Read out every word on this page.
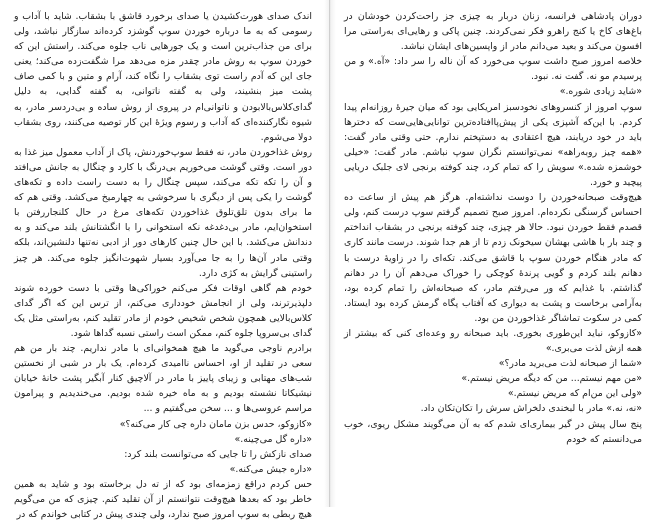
اندک صدای هورت‌کشیدن یا صدای برخورد قاشق با بشقاب. شاید با آداب و رسومی که به ما درباره خوردن سوپ گوشزد کرده‌اند سازگار نباشد، ولی برای من جذاب‌ترین است و یک جورهایی ناب جلوه می‌کند. راستش این که خوردن سوپ به روش مادر چقدر مزه می‌دهد مرا شگفت‌زده می‌کند؛ یعنی جای این که آدم راست توی بشقاب را نگاه کند، آرام و متین و با کمی صاف پشت میز بنشیند، ولی به گفته ناتوانی، به گفته گدایی، به دلیل گدای‌کلاس‌بالابودن و ناتوانی‌ام در پیروی از روش ساده و بی‌دردسر مادر، به شیوه نگارکننده‌ای که آداب و رسوم ویژهٔ این کار توصیه می‌کنند، روی بشقاب دولا می‌شوم.

روش غذاخوردن مادر، نه فقط سوپ‌خوردنش، پاک از آداب معمول میز غذا به دور است. وقتی گوشت می‌خوریم بی‌درنگ با کارد و چنگال به جانش می‌افتد و آن را تکه تکه می‌کند، سپس چنگال را به دست راست داده و تکه‌های گوشت را یکی پس از دیگری با سرخوشی به چهارمیخ می‌کشد. وقتی هم که ما برای بدون تلق‌تلوق غذاخوردن تکه‌های مرغ در حال کلنجاررفتن با استخوان‌ایم، مادر بی‌دغدغه نکه استخوانی را با انگشتانش بلند می‌کند و به دندانش می‌کشد. با این حال چنین کارهای دور از ادبی نه‌تنها دلنشین‌اند، بلکه وقتی مادر آن‌ها را به جا می‌آورد بسیار شهوت‌انگیز جلوه می‌کند. هر چیز راستینی گرایش به کژی دارد.

خودم هم گاهی اوقات فکر می‌کنم خوراکی‌ها وقتی با دست خورده شوند دلپذیرترند، ولی از انجامش خودداری می‌کنم، از ترس این که اگر گدای کلاس‌بالایی همچون شخص شخیص خودم از مادر تقلید کنم، به‌راستی مثل یک گدای بی‌سروپا جلوه کنم، ممکن است راستی نسبه گدا‌ها شود.

برادرم ناوجی می‌گوید ما هیچ همخوانی‌ای با مادر نداریم. چند بار من هم سعی در تقلید از او، احساس ناامیدی کرده‌ام. یک بار در شبی از نخستین شب‌های مهتابی و زیبای پاییز با مادر در آلاچیق کنار آبگیر پشت خانهٔ خیابان نیشیکاتا نشسته بودیم و به ماه خیره شده بودیم. می‌خندیدیم و پیرامون مراسم عروسی‌ها و ... سخن می‌گفتیم و ...

«کازوکو، حدس بزن مامان داره چی کار می‌کنه؟»
«داره گل می‌چینه.»
صدای نازکش را تا جایی که می‌توانست بلند کرد:
«داره جیش می‌کنه.»

حس کردم دراقع زمزمه‌ای بود که از ته دل برخاسته بود و شاید به همین خاطر بود که بعدها هیچ‌وقت نتوانستم از آن تقلید کنم. چیزی که من می‌گویم هیچ ربطی به سوپ امروز صبح ندارد، ولی چندی پیش در کتابی خواندم که در

دوران پادشاهی فرانسه، زنان دربار به چیزی جز راحت‌کردن خودشان در باغ‌های کاخ یا کنج راهرو فکر نمی‌کردند. چنین پاکی و رهایی‌ای به‌راستی مرا افسون می‌کند و بعید می‌دانم مادر از واپسین‌های ایشان نباشد.

خلاصه امروز صبح داشت سوپ می‌خورد که آن ناله را سر داد: «آه.» و من پرسیدم مو نه. گفت نه. نبود.

«شاید زیادی شوره.»

سوپ امروز از کنسروهای نخودسبز امریکایی بود که میان جیرهٔ روزانه‌ام پیدا کردم. با این‌که آشپزی یکی از پیش‌پاافتاده‌ترین توانایی‌هایی‌ست که دخترها باید در خود دریابند، هیچ اعتقادی به دستپختم ندارم. حتی وقتی مادر گفت: «همه چیز روبه‌راهه» نمی‌توانستم نگران سوپ نباشم. مادر گفت: «خیلی خوشمزه شده.» سوپش را که تمام کرد، چند کوفته برنجی لای جلبک دریایی پیچید و خورد.

هیچ‌وقت صبحانه‌خوردن را دوست نداشته‌ام. هرگز هم پیش از ساعت ده احساس گرسنگی نکرده‌ام. امروز صبح تصمیم گرفتم سوپ درست کنم، ولی قصدم فقط خوردن نبود. حالا هر چیزی، چند کوفته برنجی در بشقاب انداختم و چند بار با هاشی بهشان سیخونک زدم تا از هم جدا شوند. درست مانند کاری که مادر هنگام خوردن سوپ با قاشق می‌کند. تکه‌ای را در زاویهٔ درست با دهانم بلند کردم و گویی پرندهٔ کوچکی را خوراک می‌دهم آن را در دهانم گذاشتم. با غذایم که ور می‌رفتم مادر، که صبحانه‌اش را تمام کرده بود، به‌آرامی برخاست و پشت به دیواری که آفتاب پگاه گرمش کرده بود ایستاد. کمی در سکوت تماشاگر غذاخوردن من بود.

«کازوکو، نباید این‌طوری بخوری. باید صبحانه رو وعده‌ای کنی که بیشتر از همه ازش لذت می‌بری.»
«شما از صبحانه لذت می‌برید مادر؟»
«من مهم نیستم... من که دیگه مریض نیستم.»
«ولی این من‌ام که مریض نیستم.»
«نه، نه.» مادر با لبخندی دلخراش سرش را تکان‌تکان داد.

پنج سال پیش در گیر بیماری‌ای شدم که به آن می‌گویند مشکل ریوی، خوب می‌دانستم که خودم
